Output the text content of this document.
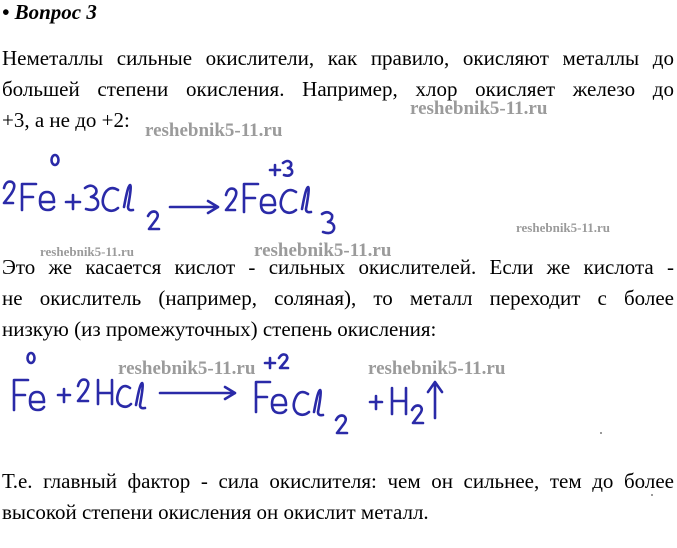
• Вопрос 3
Неметаллы сильные окислители, как правило, окисляют металлы до
большей степени окисления. Например, хлор окисляет железо до
+3, а не до +2:
Это же касается кислот - сильных окислителей. Если же кислота -
не окислитель (например, соляная), то металл переходит с более
низкую (из промежуточных) степень окисления:
Т.е. главный фактор - сила окислителя: чем он сильнее, тем до более
высокой степени окисления он окислит металл.
reshebnik5-11.ru
reshebnik5-11.ru
reshebnik5-11.ru
reshebnik5-11.ru	reshebnik5-11.ru
reshebnik5-11.ru	reshebnik5-11.ru
